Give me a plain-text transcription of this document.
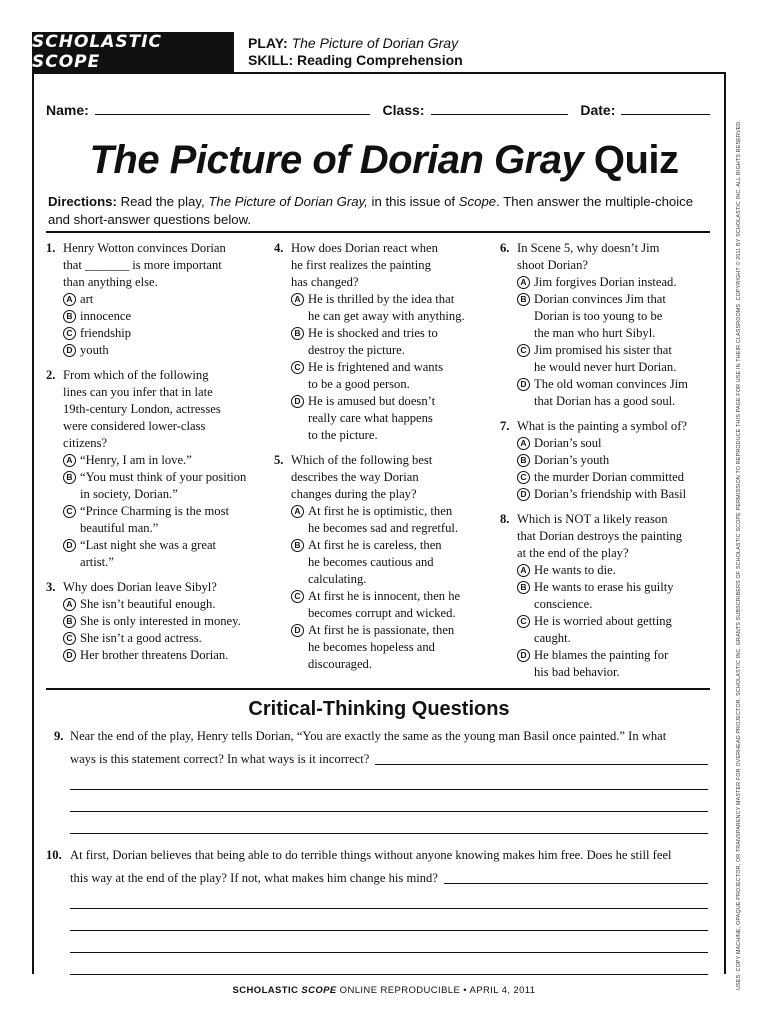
SCHOLASTIC SCOPE
PLAY: The Picture of Dorian Gray
SKILL: Reading Comprehension
Name:	Class:	Date:
The Picture of Dorian Gray Quiz
Directions: Read the play, The Picture of Dorian Gray, in this issue of Scope. Then answer the multiple-choice and short-answer questions below.
1. Henry Wotton convinces Dorian
that _______ is more important
than anything else.
A art
B innocence
C friendship
D youth
2. From which of the following
lines can you infer that in late
19th-century London, actresses
were considered lower-class
citizens?
A “Henry, I am in love.”
B “You must think of your position
in society, Dorian.”
C “Prince Charming is the most
beautiful man.”
D “Last night she was a great
artist.”
3. Why does Dorian leave Sibyl?
A She isn’t beautiful enough.
B She is only interested in money.
C She isn’t a good actress.
D Her brother threatens Dorian.
4. How does Dorian react when
he first realizes the painting
has changed?
A He is thrilled by the idea that
he can get away with anything.
B He is shocked and tries to
destroy the picture.
C He is frightened and wants
to be a good person.
D He is amused but doesn’t
really care what happens
to the picture.
5. Which of the following best
describes the way Dorian
changes during the play?
A At first he is optimistic, then
he becomes sad and regretful.
B At first he is careless, then
he becomes cautious and
calculating.
C At first he is innocent, then he
becomes corrupt and wicked.
D At first he is passionate, then
he becomes hopeless and
discouraged.
6. In Scene 5, why doesn’t Jim
shoot Dorian?
A Jim forgives Dorian instead.
B Dorian convinces Jim that
Dorian is too young to be
the man who hurt Sibyl.
C Jim promised his sister that
he would never hurt Dorian.
D The old woman convinces Jim
that Dorian has a good soul.
7. What is the painting a symbol of?
A Dorian’s soul
B Dorian’s youth
C the murder Dorian committed
D Dorian’s friendship with Basil
8. Which is NOT a likely reason
that Dorian destroys the painting
at the end of the play?
A He wants to die.
B He wants to erase his guilty
conscience.
C He is worried about getting
caught.
D He blames the painting for
his bad behavior.
Critical-Thinking Questions
9. Near the end of the play, Henry tells Dorian, “You are exactly the same as the young man Basil once painted.” In what
ways is this statement correct? In what ways is it incorrect?
10. At first, Dorian believes that being able to do terrible things without anyone knowing makes him free. Does he still feel
this way at the end of the play? If not, what makes him change his mind?
SCHOLASTIC SCOPE ONLINE REPRODUCIBLE • APRIL 4, 2011
USES: COPY MACHINE, OPAQUE PROJECTOR, OR TRANSPARENCY MASTER FOR OVERHEAD PROJECTOR. SCHOLASTIC INC. GRANTS SUBSCRIBERS OF SCHOLASTIC SCOPE PERMISSION TO REPRODUCE THIS PAGE FOR USE IN THEIR CLASSROOMS. COPYRIGHT © 2011 BY SCHOLASTIC INC. ALL RIGHTS RESERVED.
